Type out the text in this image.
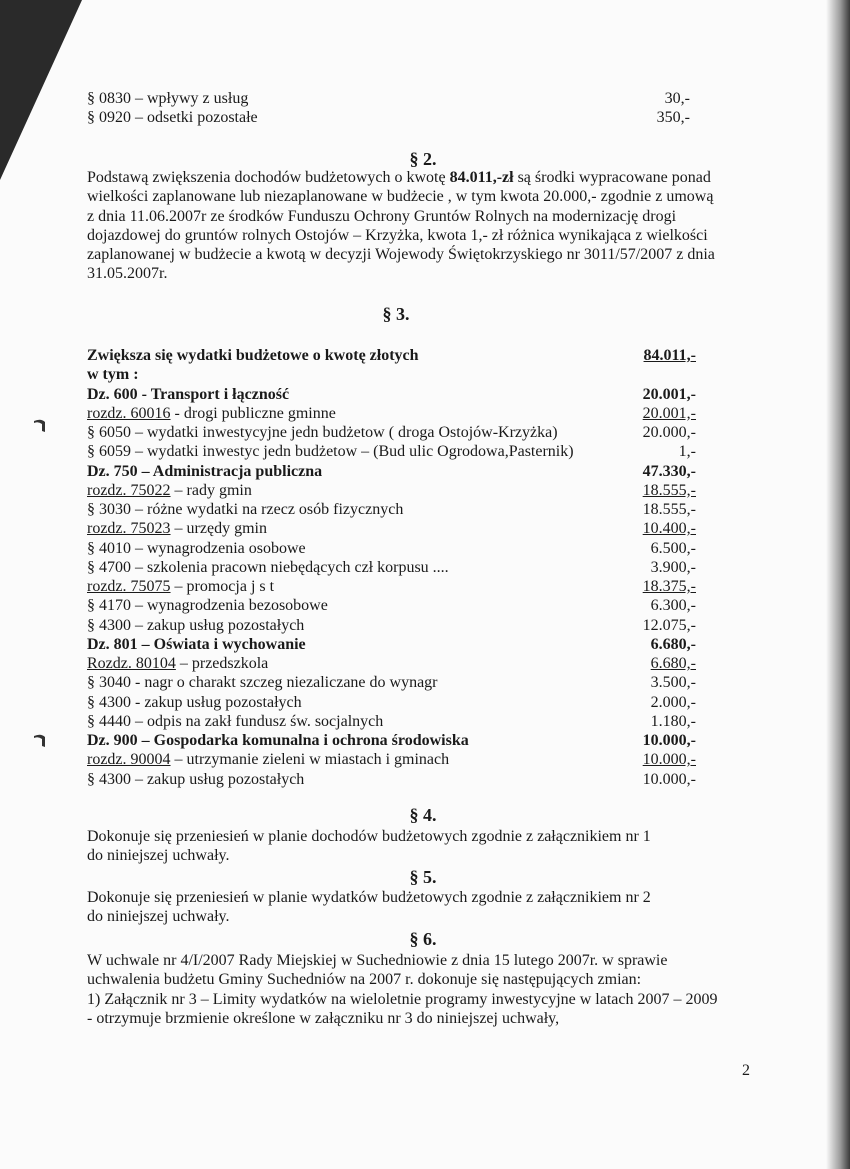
§ 0830 – wpływy z usług	30,-
§ 0920 – odsetki pozostałe	350,-
§ 2.
Podstawą zwiększenia dochodów budżetowych o kwotę 84.011,-zł są środki wypracowane ponad
wielkości zaplanowane lub niezaplanowane w budżecie , w tym kwota 20.000,- zgodnie z umową
z dnia 11.06.2007r ze środków Funduszu Ochrony Gruntów Rolnych na modernizację drogi
dojazdowej do gruntów rolnych Ostojów – Krzyżka, kwota 1,- zł różnica wynikająca z wielkości
zaplanowanej w budżecie a kwotą w decyzji Wojewody Świętokrzyskiego nr 3011/57/2007 z dnia
31.05.2007r.
§ 3.
Zwiększa się wydatki budżetowe o kwotę złotych	84.011,-
w tym :
Dz. 600 - Transport i łączność	20.001,-
rozdz. 60016 - drogi publiczne gminne	20.001,-
§ 6050 – wydatki inwestycyjne jedn budżetow ( droga Ostojów-Krzyżka)	20.000,-
§ 6059 – wydatki inwestyc jedn budżetow – (Bud ulic Ogrodowa,Pasternik)	1,-
Dz. 750 – Administracja publiczna	47.330,-
rozdz. 75022 – rady gmin	18.555,-
§ 3030 – różne wydatki na rzecz osób fizycznych	18.555,-
rozdz. 75023 – urzędy gmin	10.400,-
§ 4010 – wynagrodzenia osobowe	6.500,-
§ 4700 – szkolenia pracown niebędących czł korpusu ....	3.900,-
rozdz. 75075 – promocja j s t	18.375,-
§ 4170 – wynagrodzenia bezosobowe	6.300,-
§ 4300 – zakup usług pozostałych	12.075,-
Dz. 801 – Oświata i wychowanie	6.680,-
Rozdz. 80104 – przedszkola	6.680,-
§ 3040 - nagr o charakt szczeg niezaliczane do wynagr	3.500,-
§ 4300 - zakup usług pozostałych	2.000,-
§ 4440 – odpis na zakł fundusz św. socjalnych	1.180,-
Dz. 900 – Gospodarka komunalna i ochrona środowiska	10.000,-
rozdz. 90004 – utrzymanie zieleni w miastach i gminach	10.000,-
§ 4300 – zakup usług pozostałych	10.000,-
§ 4.
Dokonuje się przeniesień w planie dochodów budżetowych zgodnie z załącznikiem nr 1
do niniejszej uchwały.
§ 5.
Dokonuje się przeniesień w planie wydatków budżetowych zgodnie z załącznikiem nr 2
do niniejszej uchwały.
§ 6.
W uchwale nr 4/I/2007 Rady Miejskiej w Suchedniowie z dnia 15 lutego 2007r. w sprawie
uchwalenia budżetu Gminy Suchedniów na 2007 r. dokonuje się następujących zmian:
1) Załącznik nr 3 – Limity wydatków na wieloletnie programy inwestycyjne w latach 2007 – 2009
- otrzymuje brzmienie określone w załączniku nr 3 do niniejszej uchwały,
2
